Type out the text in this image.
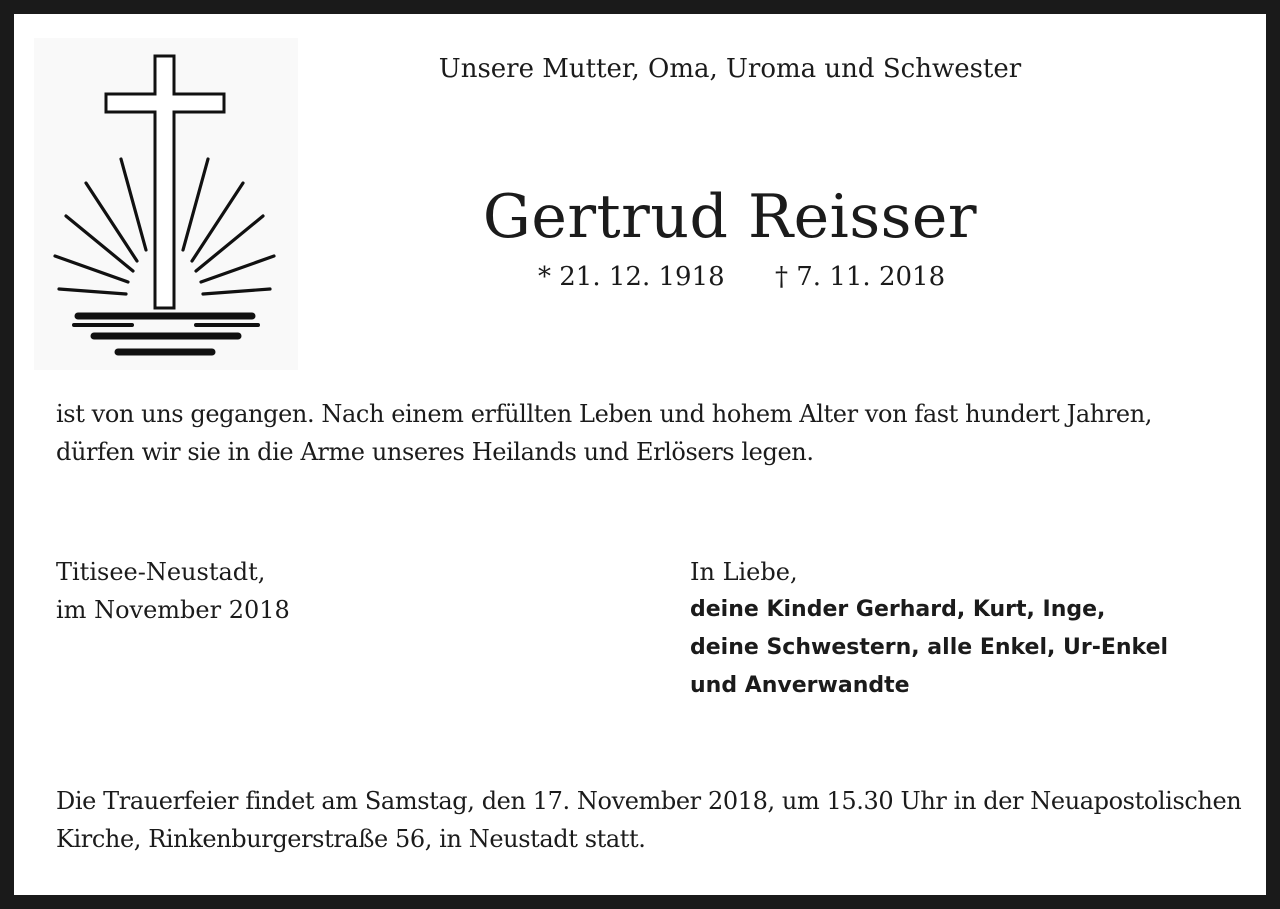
Unsere Mutter, Oma, Uroma und Schwester
Gertrud Reisser
* 21. 12. 1918 † 7. 11. 2018
ist von uns gegangen. Nach einem erfüllten Leben und hohem Alter von fast hundert Jahren,
dürfen wir sie in die Arme unseres Heilands und Erlösers legen.
Titisee-Neustadt,
im November 2018
In Liebe,
deine Kinder Gerhard, Kurt, Inge,
deine Schwestern, alle Enkel, Ur-Enkel
und Anverwandte
Die Trauerfeier findet am Samstag, den 17. November 2018, um 15.30 Uhr in der Neuapostolischen
Kirche, Rinkenburgerstraße 56, in Neustadt statt.
